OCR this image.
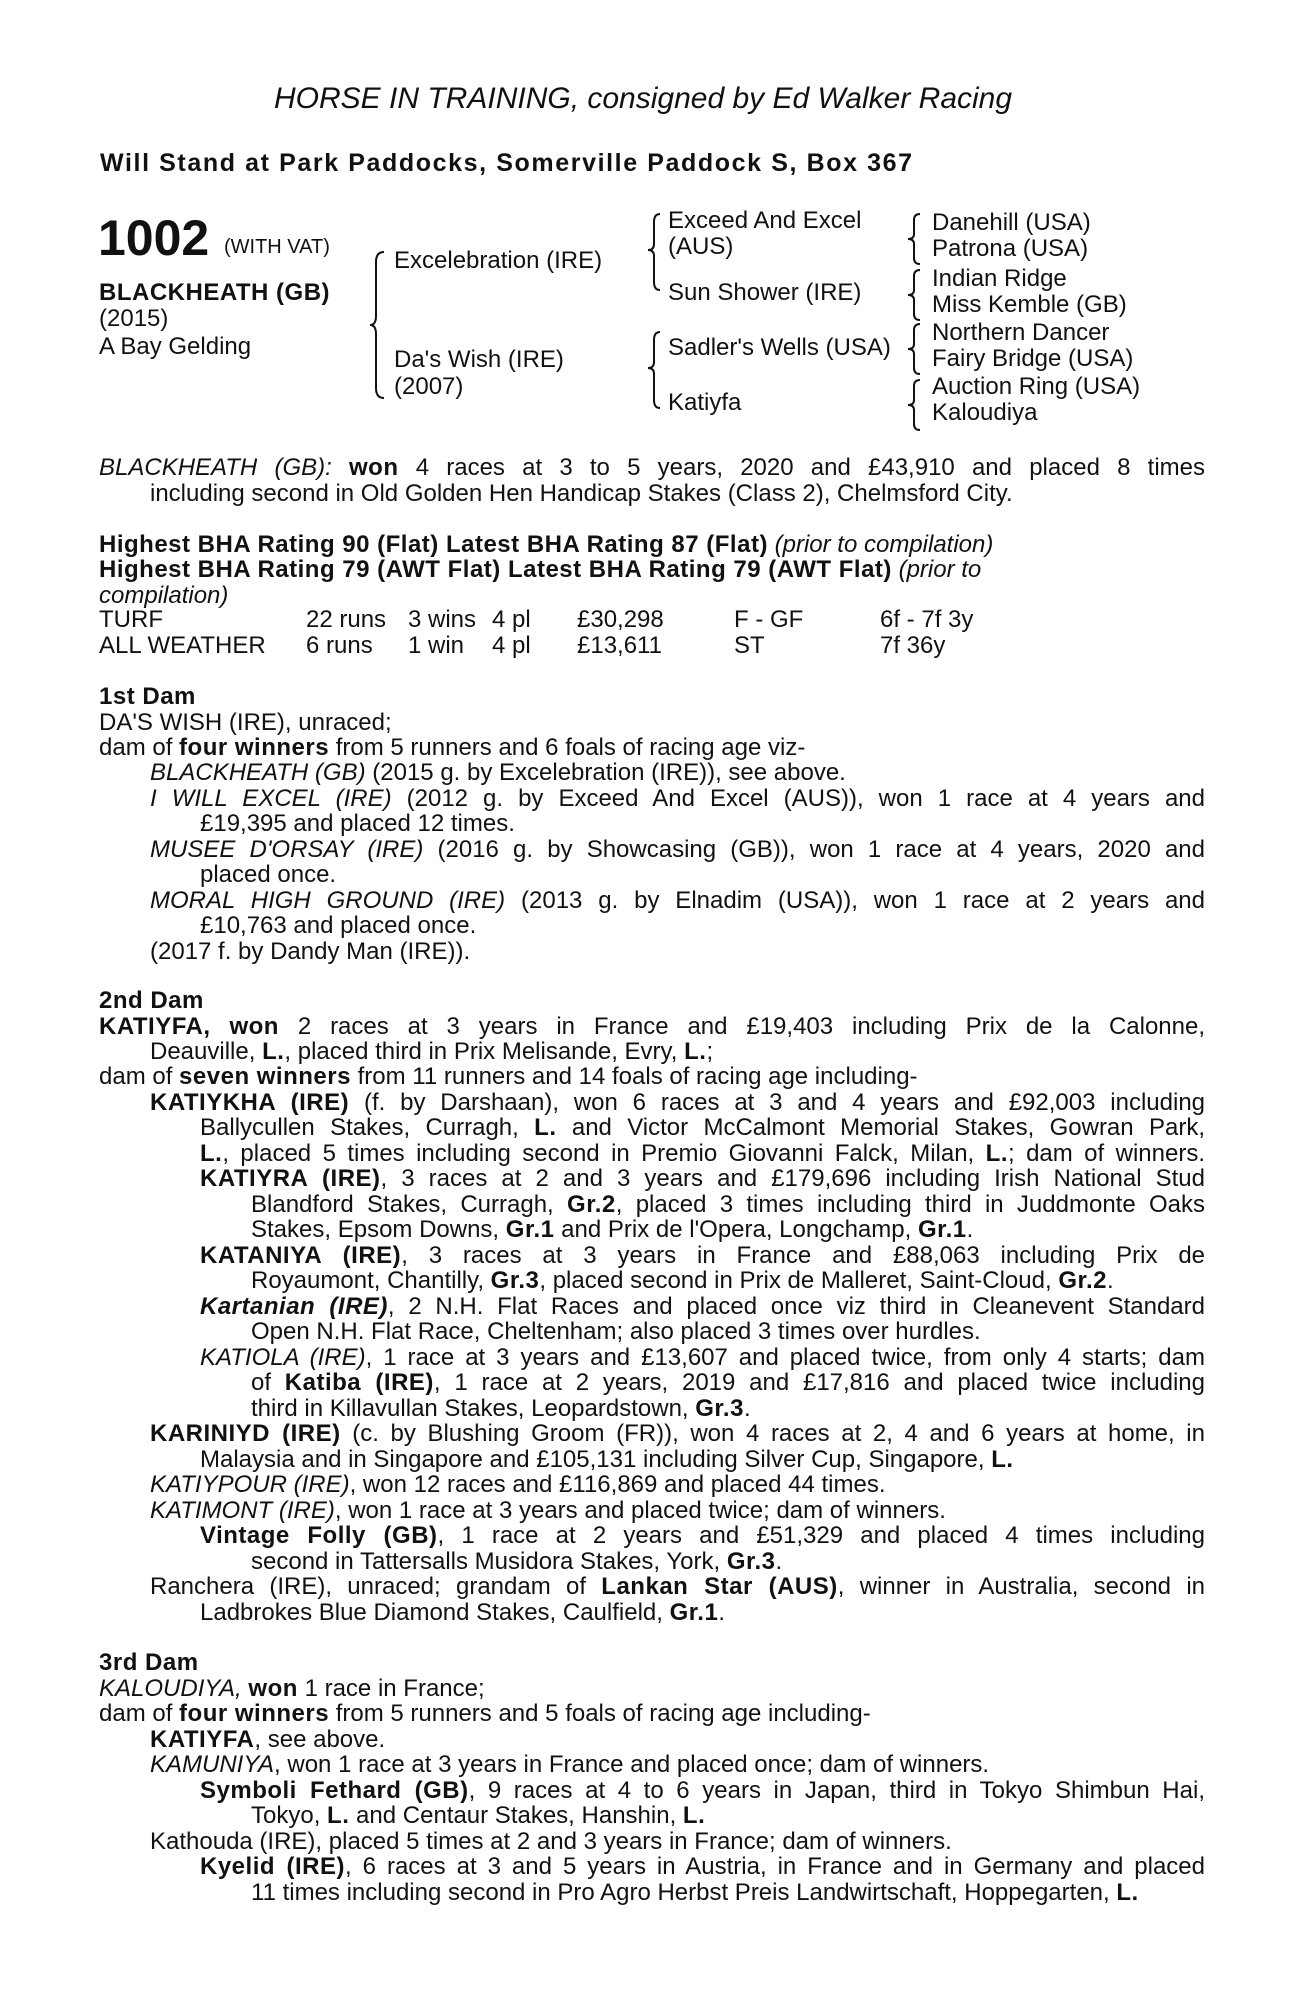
HORSE IN TRAINING, consigned by Ed Walker Racing
Will Stand at Park Paddocks, Somerville Paddock S, Box 367
1002 (WITH VAT)
BLACKHEATH (GB)
(2015)
A Bay Gelding
Excelebration (IRE)
Da's Wish (IRE)
(2007)
Exceed And Excel
(AUS)
Sun Shower (IRE)
Sadler's Wells (USA)
Katiyfa
Danehill (USA)
Patrona (USA)
Indian Ridge
Miss Kemble (GB)
Northern Dancer
Fairy Bridge (USA)
Auction Ring (USA)
Kaloudiya
BLACKHEATH (GB): won 4 races at 3 to 5 years, 2020 and £43,910 and placed 8 times
including second in Old Golden Hen Handicap Stakes (Class 2), Chelmsford City.
Highest BHA Rating 90 (Flat) Latest BHA Rating 87 (Flat) (prior to compilation)
Highest BHA Rating 79 (AWT Flat) Latest BHA Rating 79 (AWT Flat) (prior to
compilation)
TURF	22 runs 3 wins 4 pl £30,298	F - GF	6f - 7f 3y
ALL WEATHER 6 runs 1 win 4 pl £13,611	ST	7f 36y
1st Dam
DA'S WISH (IRE), unraced;
dam of four winners from 5 runners and 6 foals of racing age viz-
BLACKHEATH (GB) (2015 g. by Excelebration (IRE)), see above.
I WILL EXCEL (IRE) (2012 g. by Exceed And Excel (AUS)), won 1 race at 4 years and
£19,395 and placed 12 times.
MUSEE D'ORSAY (IRE) (2016 g. by Showcasing (GB)), won 1 race at 4 years, 2020 and
placed once.
MORAL HIGH GROUND (IRE) (2013 g. by Elnadim (USA)), won 1 race at 2 years and
£10,763 and placed once.
(2017 f. by Dandy Man (IRE)).
2nd Dam
KATIYFA, won 2 races at 3 years in France and £19,403 including Prix de la Calonne,
Deauville, L., placed third in Prix Melisande, Evry, L.;
dam of seven winners from 11 runners and 14 foals of racing age including-
KATIYKHA (IRE) (f. by Darshaan), won 6 races at 3 and 4 years and £92,003 including
Ballycullen Stakes, Curragh, L. and Victor McCalmont Memorial Stakes, Gowran Park,
L., placed 5 times including second in Premio Giovanni Falck, Milan, L.; dam of winners.
KATIYRA (IRE), 3 races at 2 and 3 years and £179,696 including Irish National Stud
Blandford Stakes, Curragh, Gr.2, placed 3 times including third in Juddmonte Oaks
Stakes, Epsom Downs, Gr.1 and Prix de l'Opera, Longchamp, Gr.1.
KATANIYA (IRE), 3 races at 3 years in France and £88,063 including Prix de
Royaumont, Chantilly, Gr.3, placed second in Prix de Malleret, Saint-Cloud, Gr.2.
Kartanian (IRE), 2 N.H. Flat Races and placed once viz third in Cleanevent Standard
Open N.H. Flat Race, Cheltenham; also placed 3 times over hurdles.
KATIOLA (IRE), 1 race at 3 years and £13,607 and placed twice, from only 4 starts; dam
of Katiba (IRE), 1 race at 2 years, 2019 and £17,816 and placed twice including
third in Killavullan Stakes, Leopardstown, Gr.3.
KARINIYD (IRE) (c. by Blushing Groom (FR)), won 4 races at 2, 4 and 6 years at home, in
Malaysia and in Singapore and £105,131 including Silver Cup, Singapore, L.
KATIYPOUR (IRE), won 12 races and £116,869 and placed 44 times.
KATIMONT (IRE), won 1 race at 3 years and placed twice; dam of winners.
Vintage Folly (GB), 1 race at 2 years and £51,329 and placed 4 times including
second in Tattersalls Musidora Stakes, York, Gr.3.
Ranchera (IRE), unraced; grandam of Lankan Star (AUS), winner in Australia, second in
Ladbrokes Blue Diamond Stakes, Caulfield, Gr.1.
3rd Dam
KALOUDIYA, won 1 race in France;
dam of four winners from 5 runners and 5 foals of racing age including-
KATIYFA, see above.
KAMUNIYA, won 1 race at 3 years in France and placed once; dam of winners.
Symboli Fethard (GB), 9 races at 4 to 6 years in Japan, third in Tokyo Shimbun Hai,
Tokyo, L. and Centaur Stakes, Hanshin, L.
Kathouda (IRE), placed 5 times at 2 and 3 years in France; dam of winners.
Kyelid (IRE), 6 races at 3 and 5 years in Austria, in France and in Germany and placed
11 times including second in Pro Agro Herbst Preis Landwirtschaft, Hoppegarten, L.
